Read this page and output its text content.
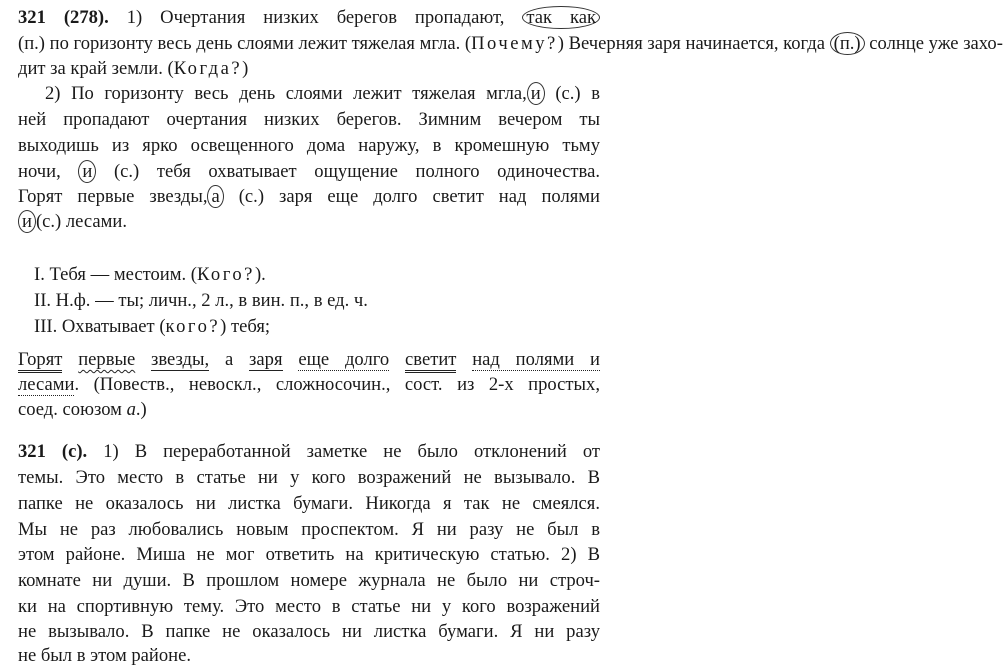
321 (278). 1) Очертания низких берегов пропадают, так как
(п.) по горизонту весь день слоями лежит тяжелая мгла. (Почему?) Вечерняя заря начинается, когда (п.) солнце уже захо-
дит за край земли. (Когда?)
2) По горизонту весь день слоями лежит тяжелая мгла, и (с.) в
ней пропадают очертания низких берегов. Зимним вечером ты
выходишь из ярко освещенного дома наружу, в кромешную тьму
ночи, и (с.) тебя охватывает ощущение полного одиночества.
Горят первые звезды, а (с.) заря еще долго светит над полями
и (с.) лесами.
I. Тебя — местоим. (Кого?).
II. Н.ф. — ты; личн., 2 л., в вин. п., в ед. ч.
III. Охватывает (кого?) тебя;
Горят первые звезды, а заря еще долго светит над полями и
лесами. (Повеств., невоскл., сложносочин., сост. из 2-х простых,
соед. союзом а.)
321 (с). 1) В переработанной заметке не было отклонений от
темы. Это место в статье ни у кого возражений не вызывало. В
папке не оказалось ни листка бумаги. Никогда я так не смеялся.
Мы не раз любовались новым проспектом. Я ни разу не был в
этом районе. Миша не мог ответить на критическую статью. 2) В
комнате ни души. В прошлом номере журнала не было ни строч-
ки на спортивную тему. Это место в статье ни у кого возражений
не вызывало. В папке не оказалось ни листка бумаги. Я ни разу
не был в этом районе.
